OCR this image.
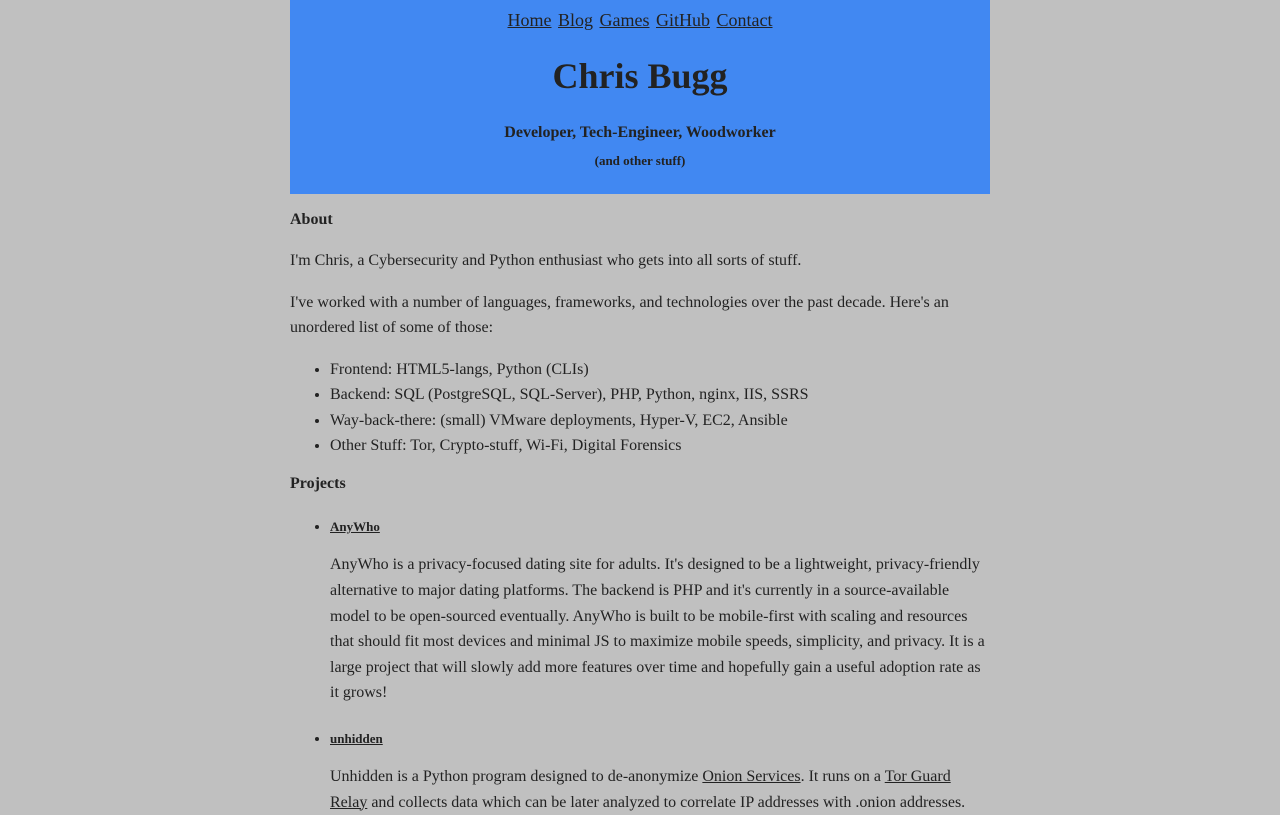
Home Blog Games GitHub Contact
Chris Bugg
Developer, Tech-Engineer, Woodworker
(and other stuff)
About

I'm Chris, a Cybersecurity and Python enthusiast who gets into all sorts of stuff.

I've worked with a number of languages, frameworks, and technologies over the past decade. Here's an unordered list of some of those:

• Frontend: HTML5-langs, Python (CLIs)
• Backend: SQL (PostgreSQL, SQL-Server), PHP, Python, nginx, IIS, SSRS
• Way-back-there: (small) VMware deployments, Hyper-V, EC2, Ansible
• Other Stuff: Tor, Crypto-stuff, Wi-Fi, Digital Forensics
Projects
• AnyWho

AnyWho is a privacy-focused dating site for adults. It's designed to be a lightweight, privacy-friendly alternative to major dating platforms. The backend is PHP and it's currently in a source-available model to be open-sourced eventually. AnyWho is built to be mobile-first with scaling and resources that should fit most devices and minimal JS to maximize mobile speeds, simplicity, and privacy. It is a large project that will slowly add more features over time and hopefully gain a useful adoption rate as it grows!

• unhidden

Unhidden is a Python program designed to de-anonymize Onion Services. It runs on a Tor Guard Relay and collects data which can be later analyzed to correlate IP addresses with .onion addresses.
